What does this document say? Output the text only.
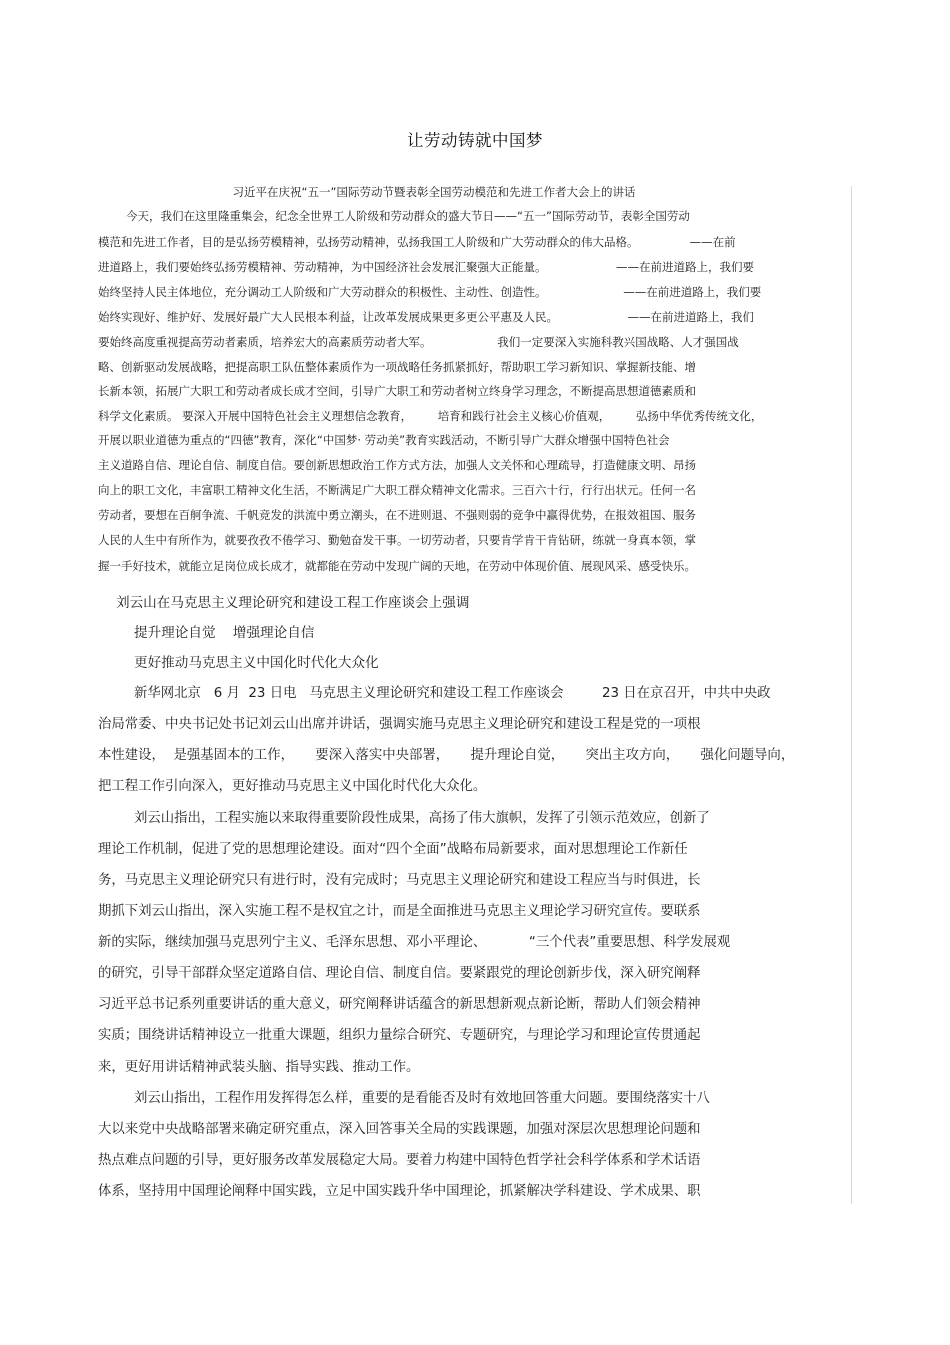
让劳动铸就中国梦
习近平在庆祝“五一”国际劳动节暨表彰全国劳动模范和先进工作者大会上的讲话
今天，我们在这里隆重集会，纪念全世界工人阶级和劳动群众的盛大节日——“五一”国际劳动节，表彰全国劳动
模范和先进工作者，目的是弘扬劳模精神，弘扬劳动精神，弘扬我国工人阶级和广大劳动群众的伟大品格。              ——在前
进道路上，我们要始终弘扬劳模精神、劳动精神，为中国经济社会发展汇聚强大正能量。                   ——在前进道路上，我们要
始终坚持人民主体地位，充分调动工人阶级和广大劳动群众的积极性、主动性、创造性。                     ——在前进道路上，我们要
始终实现好、维护好、发展好最广大人民根本利益，让改革发展成果更多更公平惠及人民。                   ——在前进道路上，我们
要始终高度重视提高劳动者素质，培养宏大的高素质劳动者大军。                  我们一定要深入实施科教兴国战略、人才强国战
略、创新驱动发展战略，把提高职工队伍整体素质作为一项战略任务抓紧抓好，帮助职工学习新知识、掌握新技能、增
长新本领，拓展广大职工和劳动者成长成才空间，引导广大职工和劳动者树立终身学习理念，不断提高思想道德素质和
科学文化素质。 要深入开展中国特色社会主义理想信念教育，       培育和践行社会主义核心价值观，       弘扬中华优秀传统文化，
开展以职业道德为重点的“四德”教育，深化“中国梦· 劳动美”教育实践活动，不断引导广大群众增强中国特色社会
主义道路自信、理论自信、制度自信。要创新思想政治工作方式方法，加强人文关怀和心理疏导，打造健康文明、昂扬
向上的职工文化，丰富职工精神文化生活，不断满足广大职工群众精神文化需求。三百六十行，行行出状元。任何一名
劳动者，要想在百舸争流、千帆竞发的洪流中勇立潮头，在不进则退、不强则弱的竞争中赢得优势，在报效祖国、服务
人民的人生中有所作为，就要孜孜不倦学习、勤勉奋发干事。一切劳动者，只要肯学肯干肯钻研，练就一身真本领，掌
握一手好技术，就能立足岗位成长成才，就都能在劳动中发现广阔的天地，在劳动中体现价值、展现风采、感受快乐。
刘云山在马克思主义理论研究和建设工程工作座谈会上强调
提升理论自觉    增强理论自信
更好推动马克思主义中国化时代化大众化
新华网北京   6 月  23 日电   马克思主义理论研究和建设工程工作座谈会         23 日在京召开，中共中央政
治局常委、中央书记处书记刘云山出席并讲话，强调实施马克思主义理论研究和建设工程是党的一项根
本性建设，  是强基固本的工作，     要深入落实中央部署，     提升理论自觉，     突出主攻方向，     强化问题导向，
把工程工作引向深入，更好推动马克思主义中国化时代化大众化。
刘云山指出，工程实施以来取得重要阶段性成果，高扬了伟大旗帜，发挥了引领示范效应，创新了
理论工作机制，促进了党的思想理论建设。面对“四个全面”战略布局新要求，面对思想理论工作新任
务，马克思主义理论研究只有进行时，没有完成时；马克思主义理论研究和建设工程应当与时俱进，长
期抓下刘云山指出，深入实施工程不是权宜之计，而是全面推进马克思主义理论学习研究宣传。要联系
新的实际，继续加强马克思列宁主义、毛泽东思想、邓小平理论、          “三个代表”重要思想、科学发展观
的研究，引导干部群众坚定道路自信、理论自信、制度自信。要紧跟党的理论创新步伐，深入研究阐释
习近平总书记系列重要讲话的重大意义，研究阐释讲话蕴含的新思想新观点新论断，帮助人们领会精神
实质；围绕讲话精神设立一批重大课题，组织力量综合研究、专题研究，与理论学习和理论宣传贯通起
来，更好用讲话精神武装头脑、指导实践、推动工作。
刘云山指出，工程作用发挥得怎么样，重要的是看能否及时有效地回答重大问题。要围绕落实十八
大以来党中央战略部署来确定研究重点，深入回答事关全局的实践课题，加强对深层次思想理论问题和
热点难点问题的引导，更好服务改革发展稳定大局。要着力构建中国特色哲学社会科学体系和学术话语
体系，坚持用中国理论阐释中国实践，立足中国实践升华中国理论，抓紧解决学科建设、学术成果、职
